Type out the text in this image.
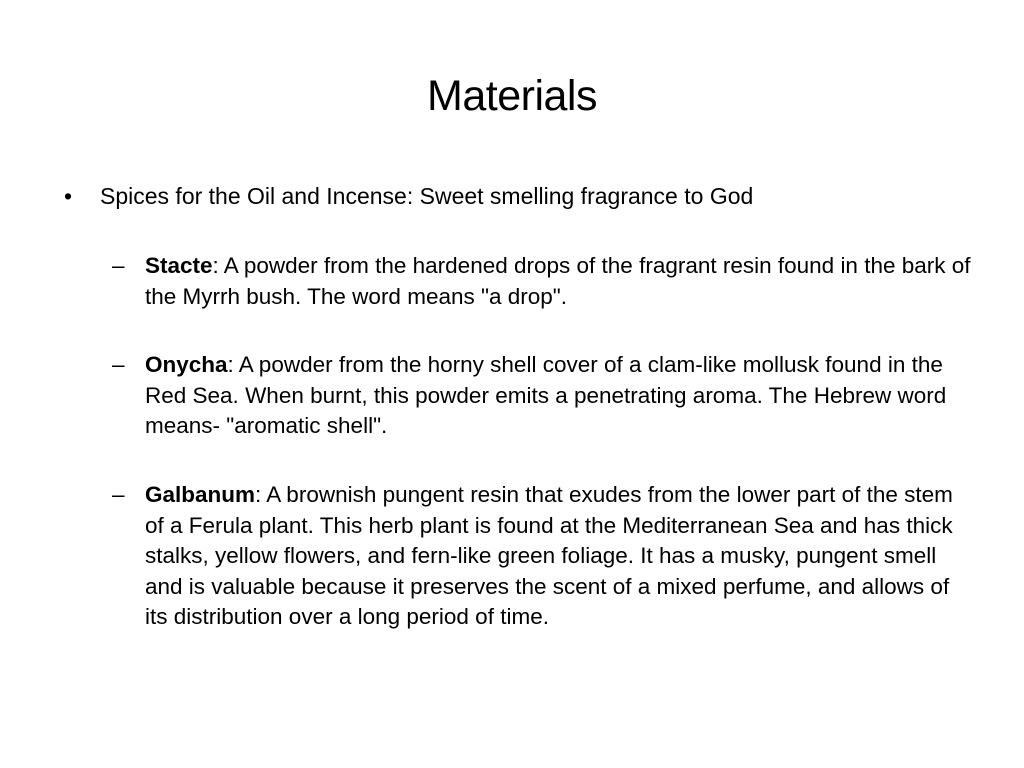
Materials
•	Spices for the Oil and Incense: Sweet smelling fragrance to God
– Stacte: A powder from the hardened drops of the fragrant resin found in the bark of the Myrrh bush. The word means "a drop".
– Onycha: A powder from the horny shell cover of a clam-like mollusk found in the Red Sea. When burnt, this powder emits a penetrating aroma. The Hebrew word means- "aromatic shell".
– Galbanum: A brownish pungent resin that exudes from the lower part of the stem of a Ferula plant. This herb plant is found at the Mediterranean Sea and has thick stalks, yellow flowers, and fern-like green foliage. It has a musky, pungent smell and is valuable because it preserves the scent of a mixed perfume, and allows of its distribution over a long period of time.
